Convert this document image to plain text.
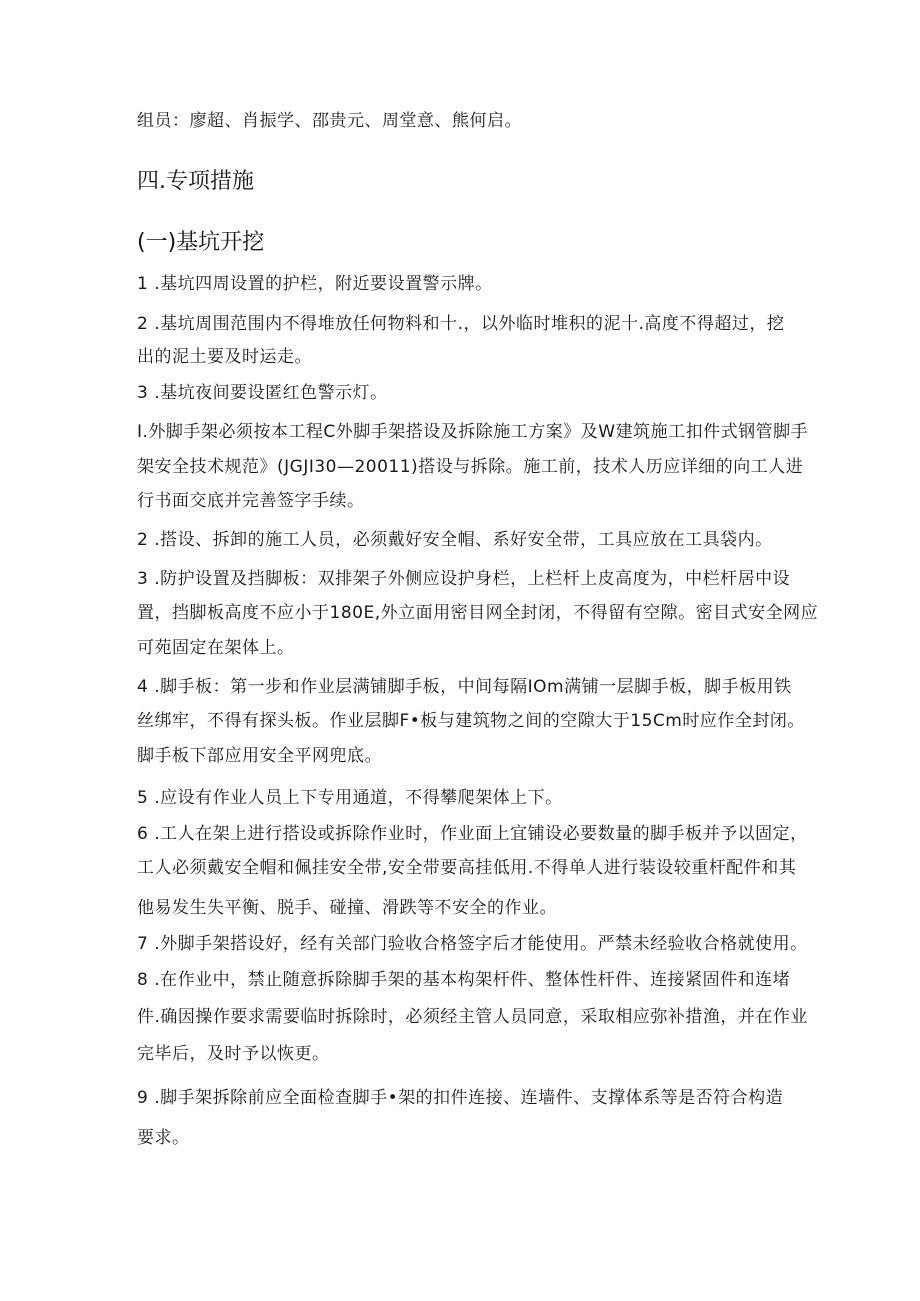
组员：廖超、肖振学、邵贵元、周堂意、熊何启。
四.专项措施
(一)基坑开挖
1 .基坑四周设置的护栏，附近要设置警示牌。
2 .基坑周围范围内不得堆放任何物料和十.，以外临时堆积的泥十.高度不得超过，挖
出的泥土要及时运走。
3 .基坑夜间要设匿红色警示灯。
I.外脚手架必须按本工程C外脚手架搭设及拆除施工方案》及W建筑施工扣件式钢管脚手
架安全技术规范》(JGJI30—20011)搭设与拆除。施工前，技术人历应详细的向工人进
行书面交底并完善签字手续。
2 .搭设、拆卸的施工人员，必须戴好安全帽、系好安全带，工具应放在工具袋内。
3 .防护设置及挡脚板：双排架子外侧应设护身栏，上栏杆上皮高度为，中栏杆居中设
置，挡脚板高度不应小于180E,外立面用密目网全封闭，不得留有空隙。密目式安全网应
可苑固定在架体上。
4 .脚手板：第一步和作业层满铺脚手板，中间每隔IOm满铺一层脚手板，脚手板用铁
丝绑牢，不得有探头板。作业层脚F•板与建筑物之间的空隙大于15Cm时应作全封闭。
脚手板下部应用安全平网兜底。
5 .应设有作业人员上下专用通道，不得攀爬架体上下。
6 .工人在架上进行搭设或拆除作业时，作业面上宜铺设必要数量的脚手板并予以固定，
工人必须戴安全帽和佩挂安全带,安全带要高挂低用.不得单人进行装设较重杆配件和其
他易发生失平衡、脱手、碰撞、滑跌等不安全的作业。
7 .外脚手架搭设好，经有关部门验收合格签字后才能使用。严禁未经验收合格就使用。
8 .在作业中，禁止随意拆除脚手架的基本构架杆件、整体性杆件、连接紧固件和连堵
件.确因操作要求需要临时拆除时，必须经主管人员同意，采取相应弥补措渔，并在作业
完毕后，及时予以恢更。
9 .脚手架拆除前应全面检查脚手•架的扣件连接、连墙件、支撑体系等是否符合构造
要求。
